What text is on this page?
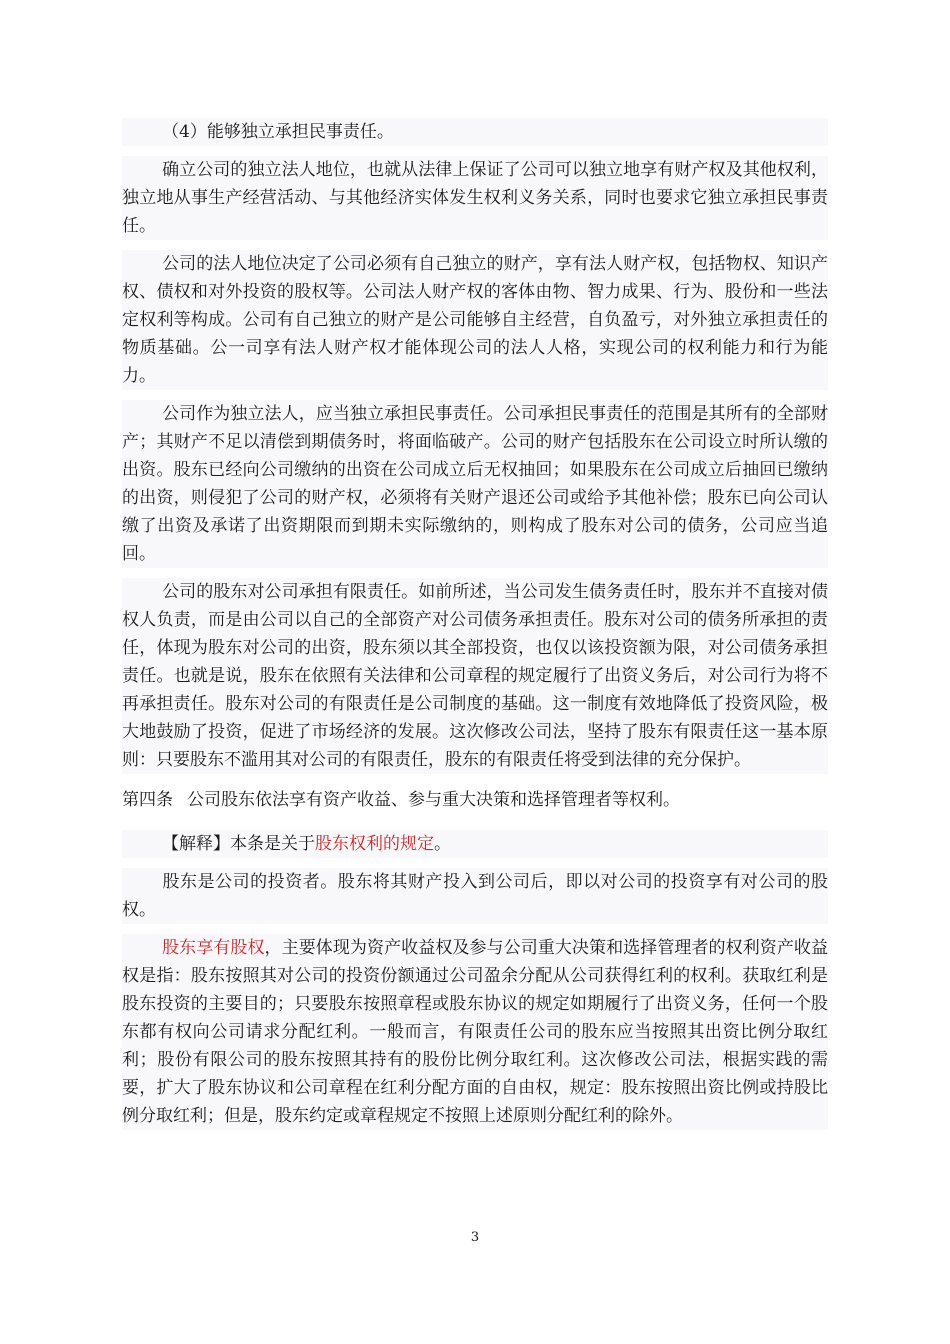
（4）能够独立承担民事责任。
确立公司的独立法人地位，也就从法律上保证了公司可以独立地享有财产权及其他权利，独立地从事生产经营活动、与其他经济实体发生权利义务关系，同时也要求它独立承担民事责任。
公司的法人地位决定了公司必须有自己独立的财产，享有法人财产权，包括物权、知识产权、债权和对外投资的股权等。公司法人财产权的客体由物、智力成果、行为、股份和一些法定权利等构成。公司有自己独立的财产是公司能够自主经营，自负盈亏，对外独立承担责任的物质基础。公一司享有法人财产权才能体现公司的法人人格，实现公司的权利能力和行为能力。
公司作为独立法人，应当独立承担民事责任。公司承担民事责任的范围是其所有的全部财产；其财产不足以清偿到期债务时，将面临破产。公司的财产包括股东在公司设立时所认缴的出资。股东已经向公司缴纳的出资在公司成立后无权抽回；如果股东在公司成立后抽回已缴纳的出资，则侵犯了公司的财产权，必须将有关财产退还公司或给予其他补偿；股东已向公司认缴了出资及承诺了出资期限而到期未实际缴纳的，则构成了股东对公司的债务，公司应当追回。
公司的股东对公司承担有限责任。如前所述，当公司发生债务责任时，股东并不直接对债权人负责，而是由公司以自己的全部资产对公司债务承担责任。股东对公司的债务所承担的责任，体现为股东对公司的出资，股东须以其全部投资，也仅以该投资额为限，对公司债务承担责任。也就是说，股东在依照有关法律和公司章程的规定履行了出资义务后，对公司行为将不再承担责任。股东对公司的有限责任是公司制度的基础。这一制度有效地降低了投资风险，极大地鼓励了投资，促进了市场经济的发展。这次修改公司法，坚持了股东有限责任这一基本原则：只要股东不滥用其对公司的有限责任，股东的有限责任将受到法律的充分保护。
第四条 公司股东依法享有资产收益、参与重大决策和选择管理者等权利。
【解释】本条是关于股东权利的规定。
股东是公司的投资者。股东将其财产投入到公司后，即以对公司的投资享有对公司的股权。
股东享有股权，主要体现为资产收益权及参与公司重大决策和选择管理者的权利资产收益权是指：股东按照其对公司的投资份额通过公司盈余分配从公司获得红利的权利。获取红利是股东投资的主要目的；只要股东按照章程或股东协议的规定如期履行了出资义务，任何一个股东都有权向公司请求分配红利。一般而言，有限责任公司的股东应当按照其出资比例分取红利；股份有限公司的股东按照其持有的股份比例分取红利。这次修改公司法，根据实践的需要，扩大了股东协议和公司章程在红利分配方面的自由权，规定：股东按照出资比例或持股比例分取红利；但是，股东约定或章程规定不按照上述原则分配红利的除外。
3
